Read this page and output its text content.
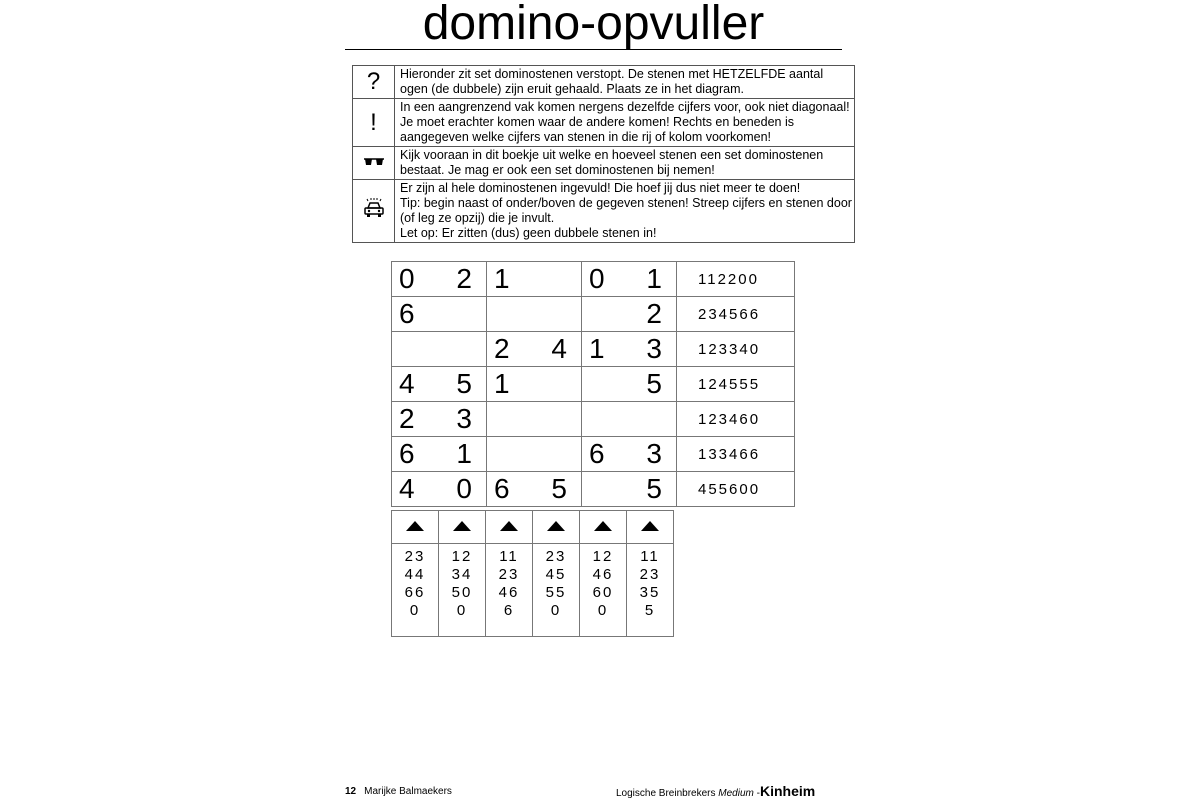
domino-opvuller
?	Hieronder zit set dominostenen verstopt. De stenen met HETZELFDE aantal ogen (de dubbele) zijn eruit gehaald. Plaats ze in het diagram.
!	In een aangrenzend vak komen nergens dezelfde cijfers voor, ook niet diagonaal! Je moet erachter komen waar de andere komen! Rechts en beneden is aangegeven welke cijfers van stenen in die rij of kolom voorkomen!
	Kijk vooraan in dit boekje uit welke en hoeveel stenen een set dominostenen bestaat. Je mag er ook een set dominostenen bij nemen!

Er zijn al hele dominostenen ingevuld! Die hoef jij dus niet meer te doen!
Tip: begin naast of onder/boven de gegeven stenen! Streep cijfers en stenen door (of leg ze opzij) die je invult.
Let op: Er zitten (dus) geen dubbele stenen in!
0 2	1	0 1	112200

6		2	234566

	2 4	1 3	123340

4 5	1	5	124555

2 3			123460

6 1		6 3	133466

4 0	6 5	5	455600

23
44
66
0	12
34
50
0	11
23
46
6	23
45
55
0	12
46
60
0	11
23
35
5
12 Marijke Balmaekers	Logische Breinbrekers Medium -Kinheim
